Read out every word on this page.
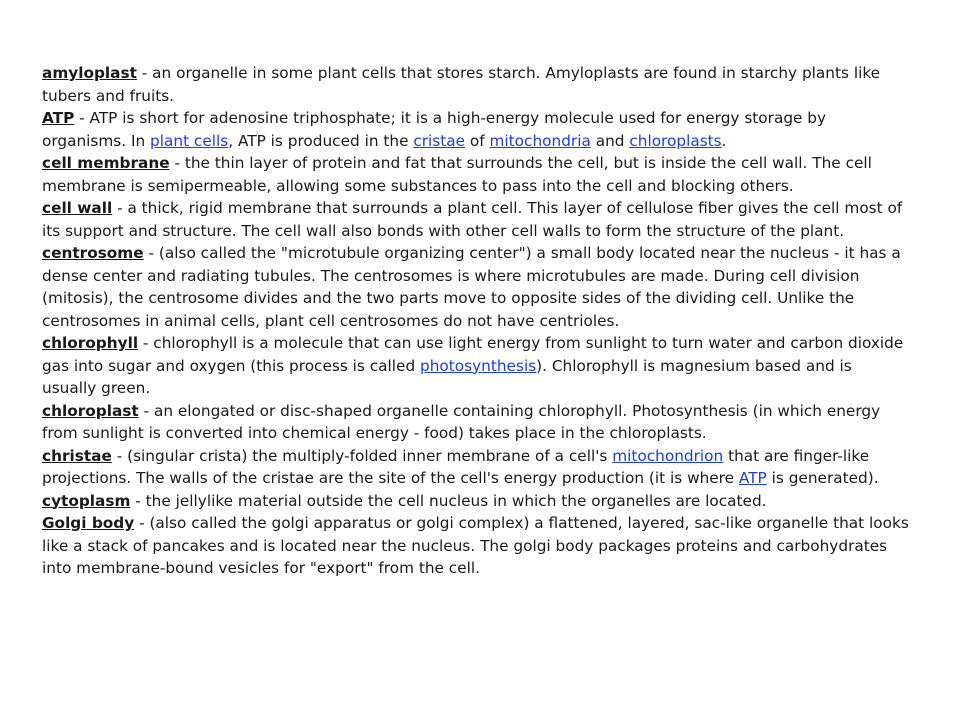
amyloplast - an organelle in some plant cells that stores starch. Amyloplasts are found in starchy plants like tubers and fruits.

ATP - ATP is short for adenosine triphosphate; it is a high-energy molecule used for energy storage by organisms. In plant cells, ATP is produced in the cristae of mitochondria and chloroplasts.

cell membrane - the thin layer of protein and fat that surrounds the cell, but is inside the cell wall. The cell membrane is semipermeable, allowing some substances to pass into the cell and blocking others.

cell wall - a thick, rigid membrane that surrounds a plant cell. This layer of cellulose fiber gives the cell most of its support and structure. The cell wall also bonds with other cell walls to form the structure of the plant.

centrosome - (also called the "microtubule organizing center") a small body located near the nucleus - it has a dense center and radiating tubules. The centrosomes is where microtubules are made. During cell division (mitosis), the centrosome divides and the two parts move to opposite sides of the dividing cell. Unlike the centrosomes in animal cells, plant cell centrosomes do not have centrioles.

chlorophyll - chlorophyll is a molecule that can use light energy from sunlight to turn water and carbon dioxide gas into sugar and oxygen (this process is called photosynthesis). Chlorophyll is magnesium based and is usually green.

chloroplast - an elongated or disc-shaped organelle containing chlorophyll. Photosynthesis (in which energy from sunlight is converted into chemical energy - food) takes place in the chloroplasts.

christae - (singular crista) the multiply-folded inner membrane of a cell's mitochondrion that are finger-like projections. The walls of the cristae are the site of the cell's energy production (it is where ATP is generated).

cytoplasm - the jellylike material outside the cell nucleus in which the organelles are located.

Golgi body - (also called the golgi apparatus or golgi complex) a flattened, layered, sac-like organelle that looks like a stack of pancakes and is located near the nucleus. The golgi body packages proteins and carbohydrates into membrane-bound vesicles for "export" from the cell.
